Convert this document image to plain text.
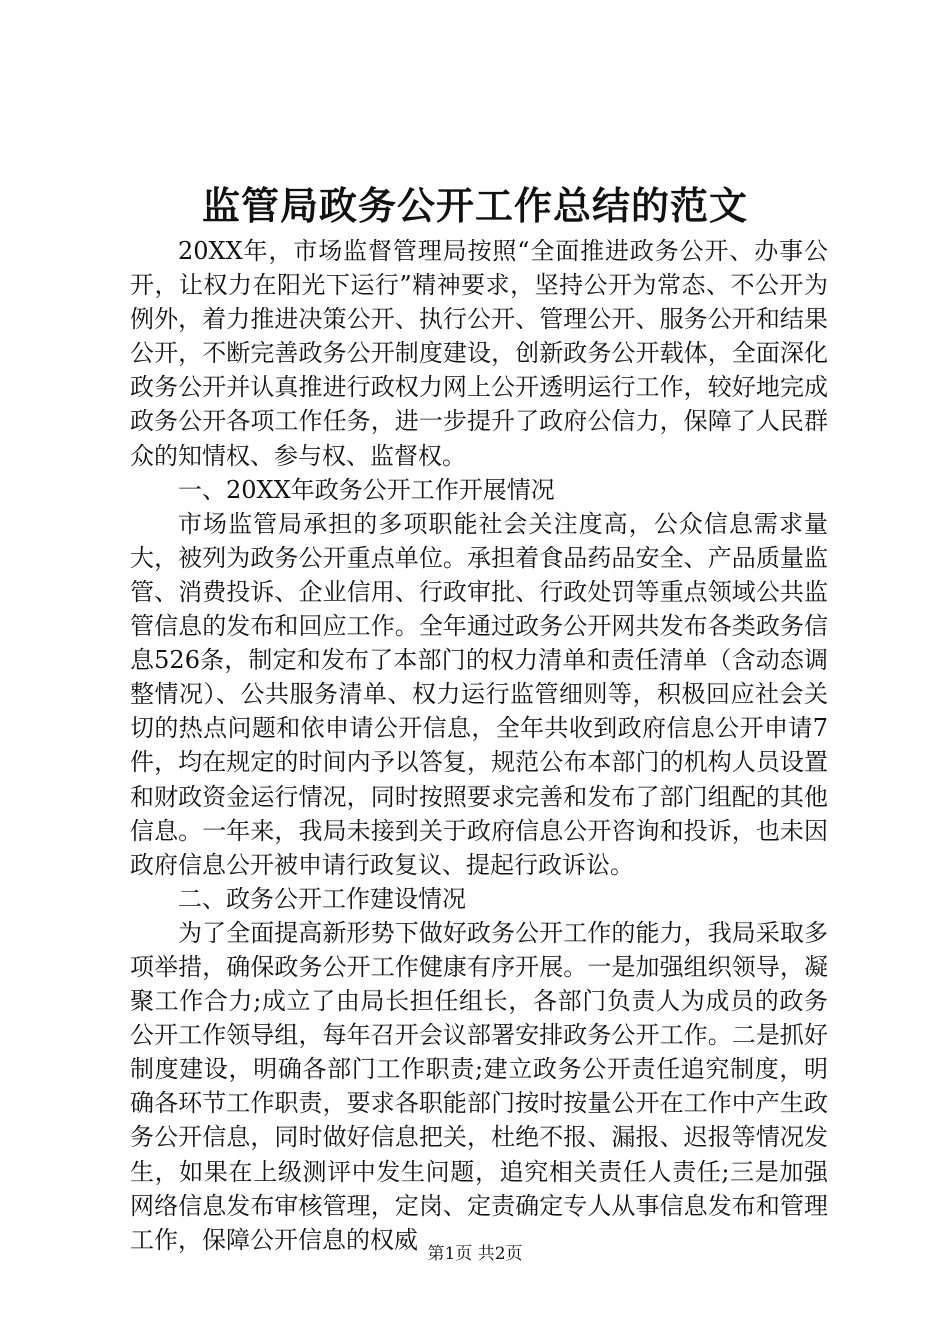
监管局政务公开工作总结的范文

20XX年，市场监督管理局按照“全面推进政务公开、办事公开，让权力在阳光下运行”精神要求，坚持公开为常态、不公开为例外，着力推进决策公开、执行公开、管理公开、服务公开和结果公开，不断完善政务公开制度建设，创新政务公开载体，全面深化政务公开并认真推进行政权力网上公开透明运行工作，较好地完成政务公开各项工作任务，进一步提升了政府公信力，保障了人民群众的知情权、参与权、监督权。

一、20XX年政务公开工作开展情况

市场监管局承担的多项职能社会关注度高，公众信息需求量大，被列为政务公开重点单位。承担着食品药品安全、产品质量监管、消费投诉、企业信用、行政审批、行政处罚等重点领域公共监管信息的发布和回应工作。全年通过政务公开网共发布各类政务信息526条，制定和发布了本部门的权力清单和责任清单（含动态调整情况）、公共服务清单、权力运行监管细则等，积极回应社会关切的热点问题和依申请公开信息，全年共收到政府信息公开申请7件，均在规定的时间内予以答复，规范公布本部门的机构人员设置和财政资金运行情况，同时按照要求完善和发布了部门组配的其他信息。一年来，我局未接到关于政府信息公开咨询和投诉，也未因政府信息公开被申请行政复议、提起行政诉讼。

二、政务公开工作建设情况

为了全面提高新形势下做好政务公开工作的能力，我局采取多项举措，确保政务公开工作健康有序开展。一是加强组织领导，凝聚工作合力;成立了由局长担任组长，各部门负责人为成员的政务公开工作领导组，每年召开会议部署安排政务公开工作。二是抓好制度建设，明确各部门工作职责;建立政务公开责任追究制度，明确各环节工作职责，要求各职能部门按时按量公开在工作中产生政务公开信息，同时做好信息把关，杜绝不报、漏报、迟报等情况发生，如果在上级测评中发生问题，追究相关责任人责任;三是加强网络信息发布审核管理，定岗、定责确定专人从事信息发布和管理工作，保障公开信息的权威

第1页 共2页
